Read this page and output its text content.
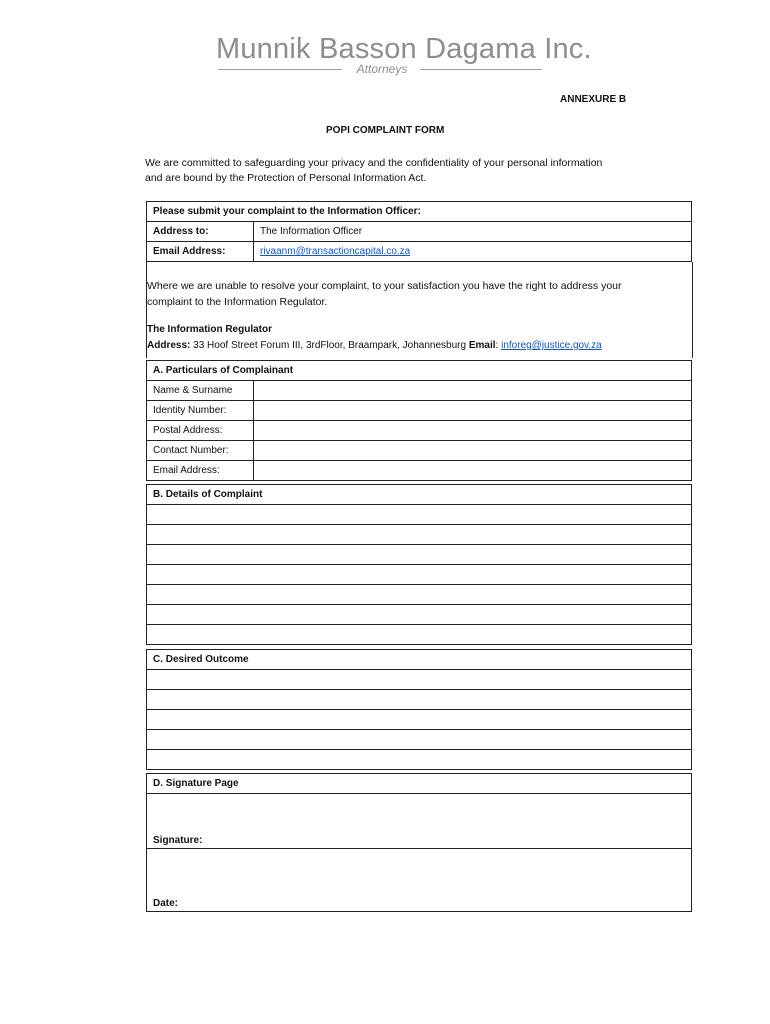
Munnik Basson Dagama Inc.
Attorneys
ANNEXURE B
POPI COMPLAINT FORM

We are committed to safeguarding your privacy and the confidentiality of your personal information

and are bound by the Protection of Personal Information Act.

Please submit your complaint to the Information Officer:	
Address to:	The Information Officer
Email Address:	rivaanm@transactioncapital.co.za
Where we are unable to resolve your complaint, to your satisfaction you have the right to address your
complaint to the Information Regulator.
The Information Regulator
Address: 33 Hoof Street Forum III, 3rdFloor, Braampark, Johannesburg Email: inforeg@justice.gov.za
A. Particulars of Complainant	
Name & Surname	
Identity Number:	
Postal Address:	
Contact Number:	
Email Address:	
B. Details of Complaint

C. Desired Outcome

D. Signature Page
Signature:
Date:
